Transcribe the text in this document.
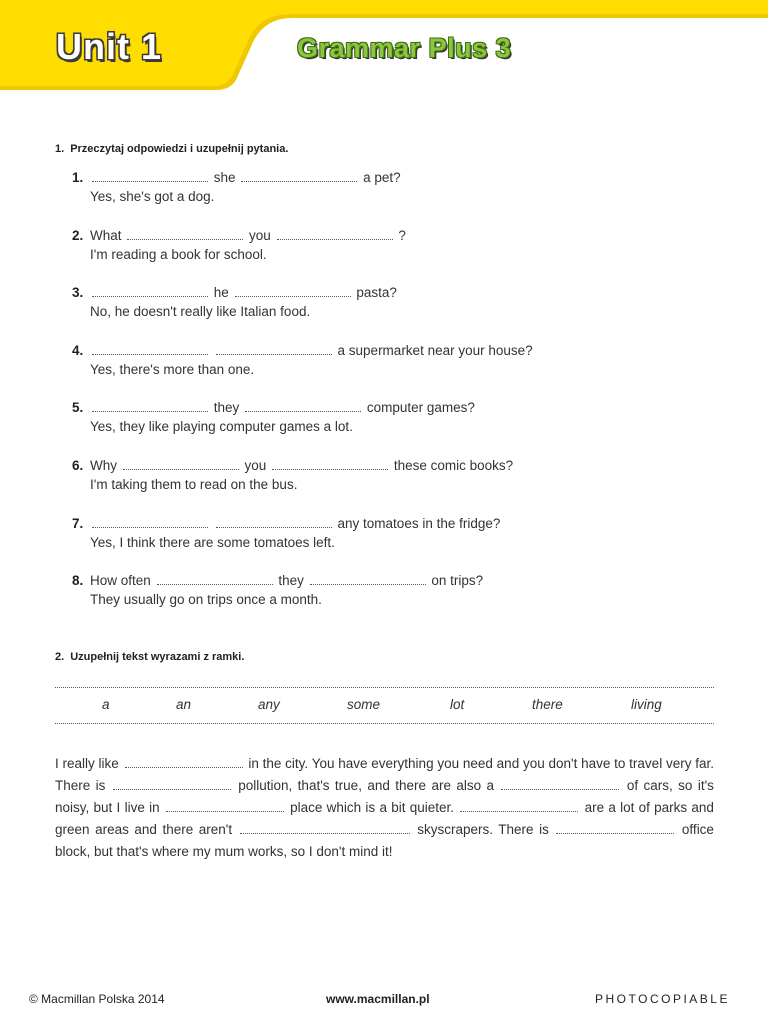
Unit 1	Grammar Plus 3
1. Przeczytaj odpowiedzi i uzupełnij pytania.
1.	she	a pet?
Yes, she's got a dog.
2. What	you	?
I'm reading a book for school.
3.	he	pasta?
No, he doesn't really like Italian food.
4.	a supermarket near your house?
Yes, there's more than one.
5.	they	computer games?
Yes, they like playing computer games a lot.
6. Why	you	these comic books?
I'm taking them to read on the bus.
7.	any tomatoes in the fridge?
Yes, I think there are some tomatoes left.
8. How often	they	on trips?
They usually go on trips once a month.
2. Uzupełnij tekst wyrazami z ramki.
a	an	any	some	lot	there	living
I really like	in the city. You have everything you need and you don't have to travel very far. There is	pollution, that's true, and there are also a	of cars, so it's noisy, but I live in	place which is a bit quieter.	are a lot of parks and green areas and there aren't	skyscrapers. There is	office block, but that's where my mum works, so I don't mind it!
© Macmillan Polska 2014	www.macmillan.pl	PHOTOCOPIABLE
